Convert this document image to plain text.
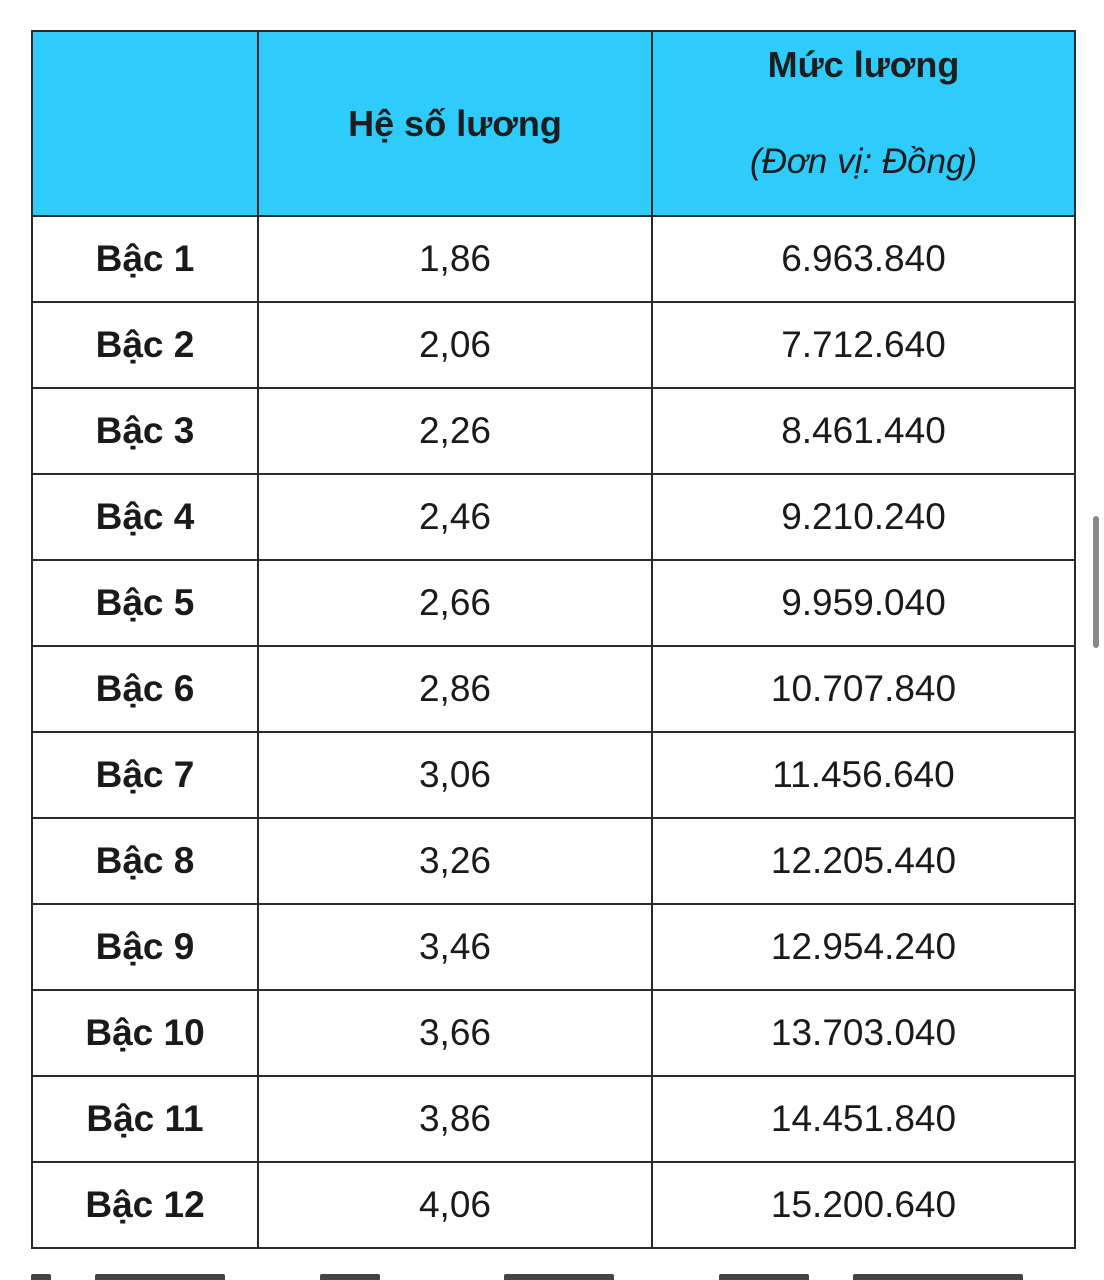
	Hệ số lương	Mức lương
(Đơn vị: Đồng)

Bậc 1	1,86	6.963.840
Bậc 2	2,06	7.712.640
Bậc 3	2,26	8.461.440
Bậc 4	2,46	9.210.240
Bậc 5	2,66	9.959.040
Bậc 6	2,86	10.707.840
Bậc 7	3,06	11.456.640
Bậc 8	3,26	12.205.440
Bậc 9	3,46	12.954.240
Bậc 10	3,66	13.703.040
Bậc 11	3,86	14.451.840
Bậc 12	4,06	15.200.640
